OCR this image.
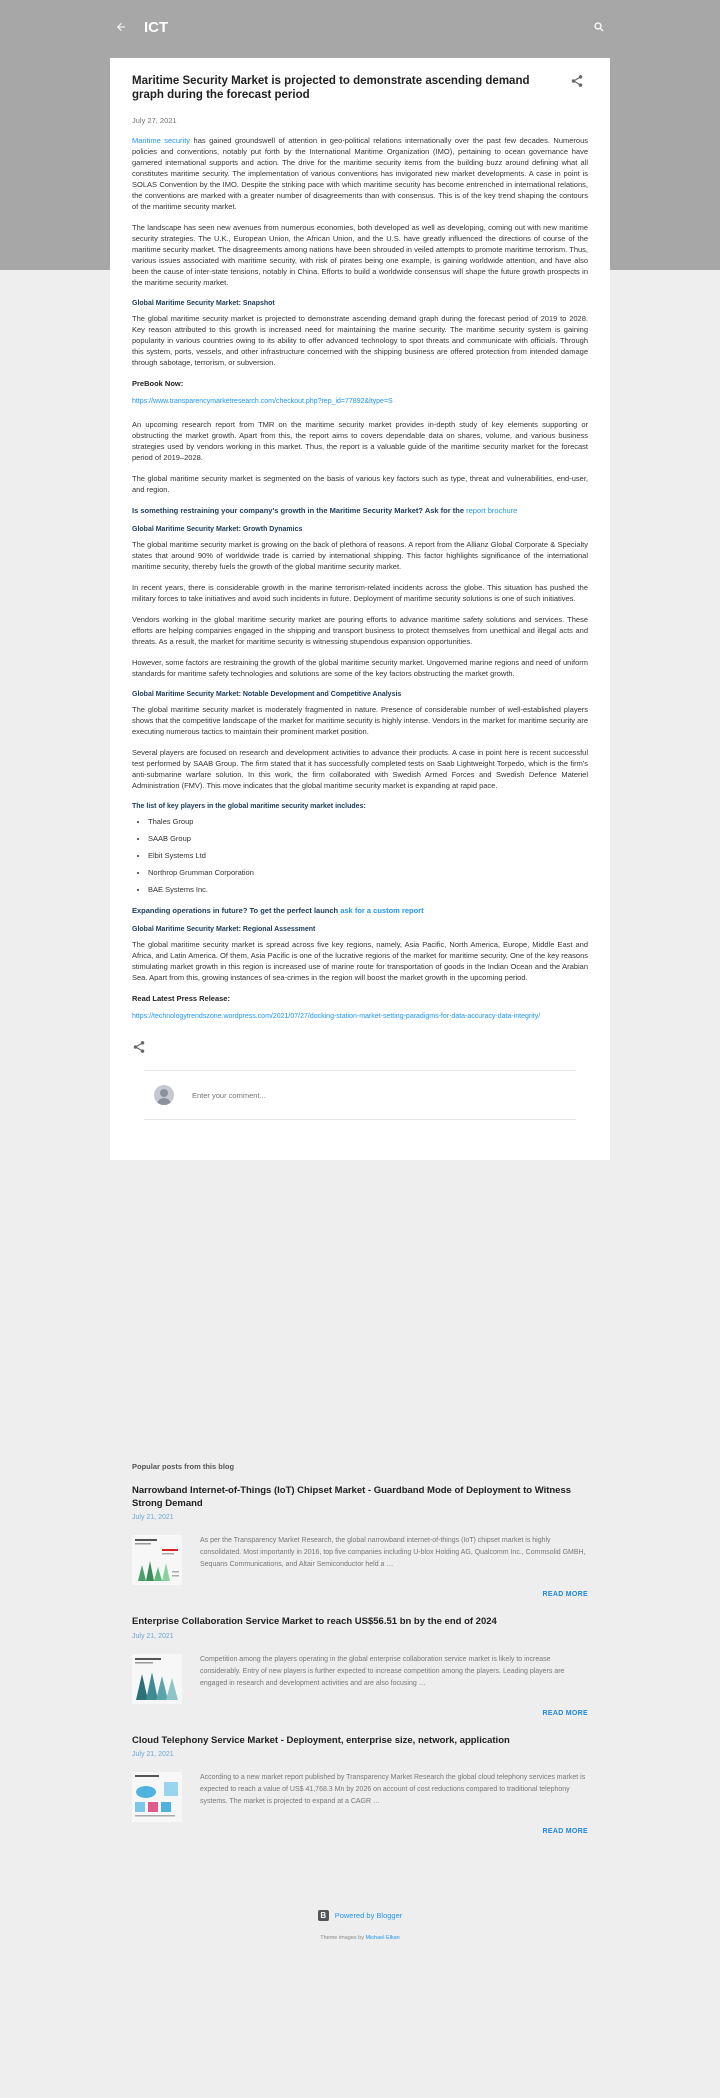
ICT
Maritime Security Market is projected to demonstrate ascending demand graph during the forecast period
July 27, 2021

Maritime security has gained groundswell of attention in geo-political relations internationally over the past few decades. Numerous policies and conventions, notably put forth by the International Maritime Organization (IMO), pertaining to ocean governance have garnered international supports and action. The drive for the maritime security items from the building buzz around defining what all constitutes maritime security. The implementation of various conventions has invigorated new market developments. A case in point is SOLAS Convention by the IMO. Despite the striking pace with which maritime security has become entrenched in international relations, the conventions are marked with a greater number of disagreements than with consensus. This is of the key trend shaping the contours of the maritime security market.

The landscape has seen new avenues from numerous economies, both developed as well as developing, coming out with new maritime security strategies. The U.K., European Union, the African Union, and the U.S. have greatly influenced the directions of course of the maritime security market. The disagreements among nations have been shrouded in veiled attempts to promote maritime terrorism. Thus, various issues associated with maritime security, with risk of pirates being one example, is gaining worldwide attention, and have also been the cause of inter-state tensions, notably in China. Efforts to build a worldwide consensus will shape the future growth prospects in the maritime security market.

Global Maritime Security Market: Snapshot

The global maritime security market is projected to demonstrate ascending demand graph during the forecast period of 2019 to 2028. Key reason attributed to this growth is increased need for maintaining the marine security. The maritime security system is gaining popularity in various countries owing to its ability to offer advanced technology to spot threats and communicate with officials. Through this system, ports, vessels, and other infrastructure concerned with the shipping business are offered protection from intended damage through sabotage, terrorism, or subversion.

PreBook Now:
https://www.transparencymarketresearch.com/checkout.php?rep_id=77892&ltype=S

An upcoming research report from TMR on the maritime security market provides in-depth study of key elements supporting or obstructing the market growth. Apart from this, the report aims to covers dependable data on shares, volume, and various business strategies used by vendors working in this market. Thus, the report is a valuable guide of the maritime security market for the forecast period of 2019–2028.

The global maritime security market is segmented on the basis of various key factors such as type, threat and vulnerabilities, end-user, and region.

Is something restraining your company's growth in the Maritime Security Market? Ask for the report brochure
Global Maritime Security Market: Growth Dynamics

The global maritime security market is growing on the back of plethora of reasons. A report from the Allianz Global Corporate & Specialty states that around 90% of worldwide trade is carried by international shipping. This factor highlights significance of the international maritime security, thereby fuels the growth of the global maritime security market.

In recent years, there is considerable growth in the marine terrorism-related incidents across the globe. This situation has pushed the military forces to take initiatives and avoid such incidents in future. Deployment of maritime security solutions is one of such initiatives.

Vendors working in the global maritime security market are pouring efforts to advance maritime safety solutions and services. These efforts are helping companies engaged in the shipping and transport business to protect themselves from unethical and illegal acts and threats. As a result, the market for maritime security is witnessing stupendous expansion opportunities.

However, some factors are restraining the growth of the global maritime security market. Ungoverned marine regions and need of uniform standards for maritime safety technologies and solutions are some of the key factors obstructing the market growth.

Global Maritime Security Market: Notable Development and Competitive Analysis

The global maritime security market is moderately fragmented in nature. Presence of considerable number of well-established players shows that the competitive landscape of the market for maritime security is highly intense. Vendors in the market for maritime security are executing numerous tactics to maintain their prominent market position.

Several players are focused on research and development activities to advance their products. A case in point here is recent successful test performed by SAAB Group. The firm stated that it has successfully completed tests on Saab Lightweight Torpedo, which is the firm's anti-submarine warfare solution. In this work, the firm collaborated with Swedish Armed Forces and Swedish Defence Materiel Administration (FMV). This move indicates that the global maritime security market is expanding at rapid pace.

The list of key players in the global maritime security market includes:
• Thales Group
• SAAB Group
• Elbit Systems Ltd
• Northrop Grumman Corporation
• BAE Systems Inc.
Expanding operations in future? To get the perfect launch ask for a custom report
Global Maritime Security Market: Regional Assessment

The global maritime security market is spread across five key regions, namely, Asia Pacific, North America, Europe, Middle East and Africa, and Latin America. Of them, Asia Pacific is one of the lucrative regions of the market for maritime security. One of the key reasons stimulating market growth in this region is increased use of marine route for transportation of goods in the Indian Ocean and the Arabian Sea. Apart from this, growing instances of sea-crimes in the region will boost the market growth in the upcoming period.

Read Latest Press Release:
https://technologytrendszone.wordpress.com/2021/07/27/docking-station-market-setting-paradigms-for-data-accuracy-data-integrity/
Enter your comment...
Popular posts from this blog
Narrowband Internet-of-Things (IoT) Chipset Market - Guardband Mode of Deployment to Witness Strong Demand
July 21, 2021
As per the Transparency Market Research, the global narrowband internet-of-things (IoT) chipset market is highly consolidated. Most importantly in 2016, top five companies including U-blox Holding AG, Qualcomm Inc., Commsolid GMBH, Sequans Communications, and Altair Semiconductor held a …
READ MORE
Enterprise Collaboration Service Market to reach US$56.51 bn by the end of 2024
July 21, 2021
Competition among the players operating in the global enterprise collaboration service market is likely to increase considerably. Entry of new players is further expected to increase competition among the players. Leading players are engaged in research and development activities and are also focusing …
READ MORE
Cloud Telephony Service Market - Deployment, enterprise size, network, application
July 21, 2021
According to a new market report published by Transparency Market Research the global cloud telephony services market is expected to reach a value of US$ 41,768.3 Mn by 2026 on account of cost reductions compared to traditional telephony systems. The market is projected to expand at a CAGR …
READ MORE
B	Powered by Blogger
Theme images by Michael Elkan
